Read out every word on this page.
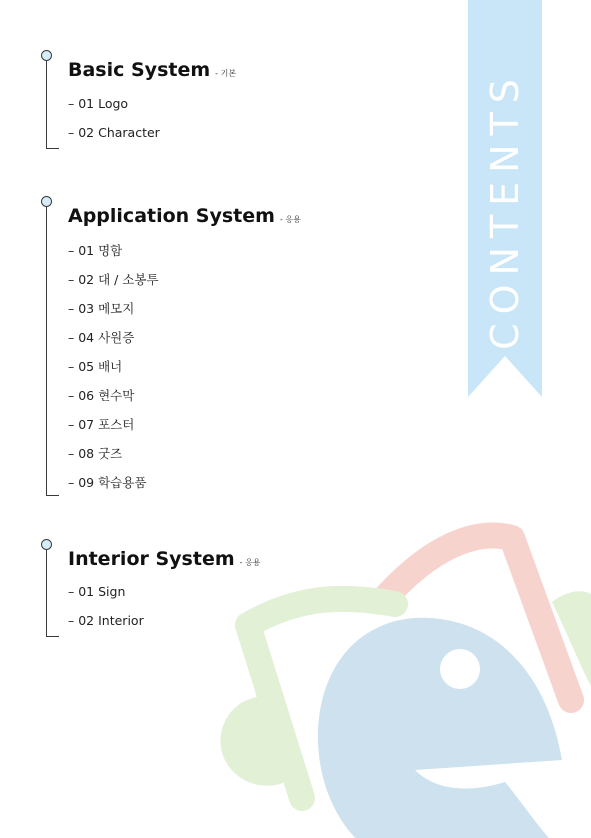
CONTENTS
Basic System - 기본
– 01 Logo
– 02 Character
Application System - 응용
– 01 명함
– 02 대 / 소봉투
– 03 메모지
– 04 사원증
– 05 배너
– 06 현수막
– 07 포스터
– 08 굿즈
– 09 학습용품
Interior System - 응용
– 01 Sign
– 02 Interior
